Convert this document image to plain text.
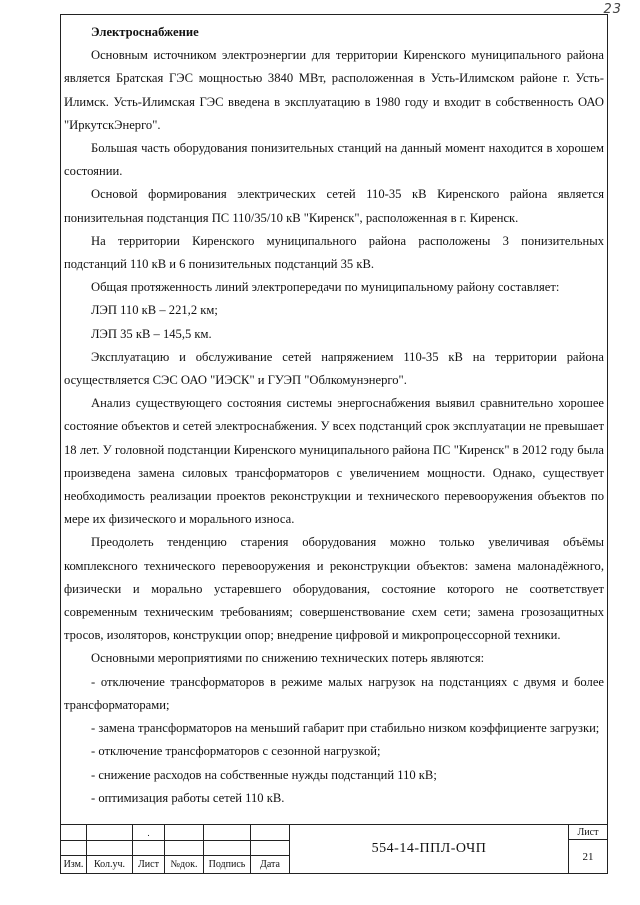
23

Электроснабжение

Основным источником электроэнергии для территории Киренского муниципального района является Братская ГЭС мощностью 3840 МВт, расположенная в Усть-Илимском районе г. Усть-Илимск. Усть-Илимская ГЭС введена в эксплуатацию в 1980 году и входит в собственность ОАО "ИркутскЭнерго".

Большая часть оборудования понизительных станций на данный момент находится в хорошем состоянии.

Основой формирования электрических сетей 110-35 кВ Киренского района является понизительная подстанция ПС 110/35/10 кВ "Киренск", расположенная в г. Киренск.

На территории Киренского муниципального района расположены 3 понизительных подстанций 110 кВ и 6 понизительных подстанций 35 кВ.

Общая протяженность линий электропередачи по муниципальному району составляет:

ЛЭП 110 кВ – 221,2 км;

ЛЭП 35 кВ – 145,5 км.

Эксплуатацию и обслуживание сетей напряжением 110-35 кВ на территории района осуществляется СЭС ОАО "ИЭСК" и ГУЭП "Облкомунэнерго".

Анализ существующего состояния системы энергоснабжения выявил сравнительно хорошее состояние объектов и сетей электроснабжения. У всех подстанций срок эксплуатации не превышает 18 лет. У головной подстанции Киренского муниципального района ПС "Киренск" в 2012 году была произведена замена силовых трансформаторов с увеличением мощности. Однако, существует необходимость реализации проектов реконструкции и технического перевооружения объектов по мере их физического и морального износа.

Преодолеть тенденцию старения оборудования можно только увеличивая объёмы комплексного технического перевооружения и реконструкции объектов: замена малонадёжного, физически и морально устаревшего оборудования, состояние которого не соответствует современным техническим требованиям; совершенствование схем сети; замена грозозащитных тросов, изоляторов, конструкции опор; внедрение цифровой и микропроцессорной техники.

Основными мероприятиями по снижению технических потерь являются:

- отключение трансформаторов в режиме малых нагрузок на подстанциях с двумя и более трансформаторами;

- замена трансформаторов на меньший габарит при стабильно низком коэффициенте загрузки;

- отключение трансформаторов с сезонной нагрузкой;

- снижение расходов на собственные нужды подстанций 110 кВ;

- оптимизация работы сетей 110 кВ.

.
Изм.	Кол.уч.	Лист	№док.	Подпись	Дата
554-14-ППЛ-ОЧП
Лист
21
